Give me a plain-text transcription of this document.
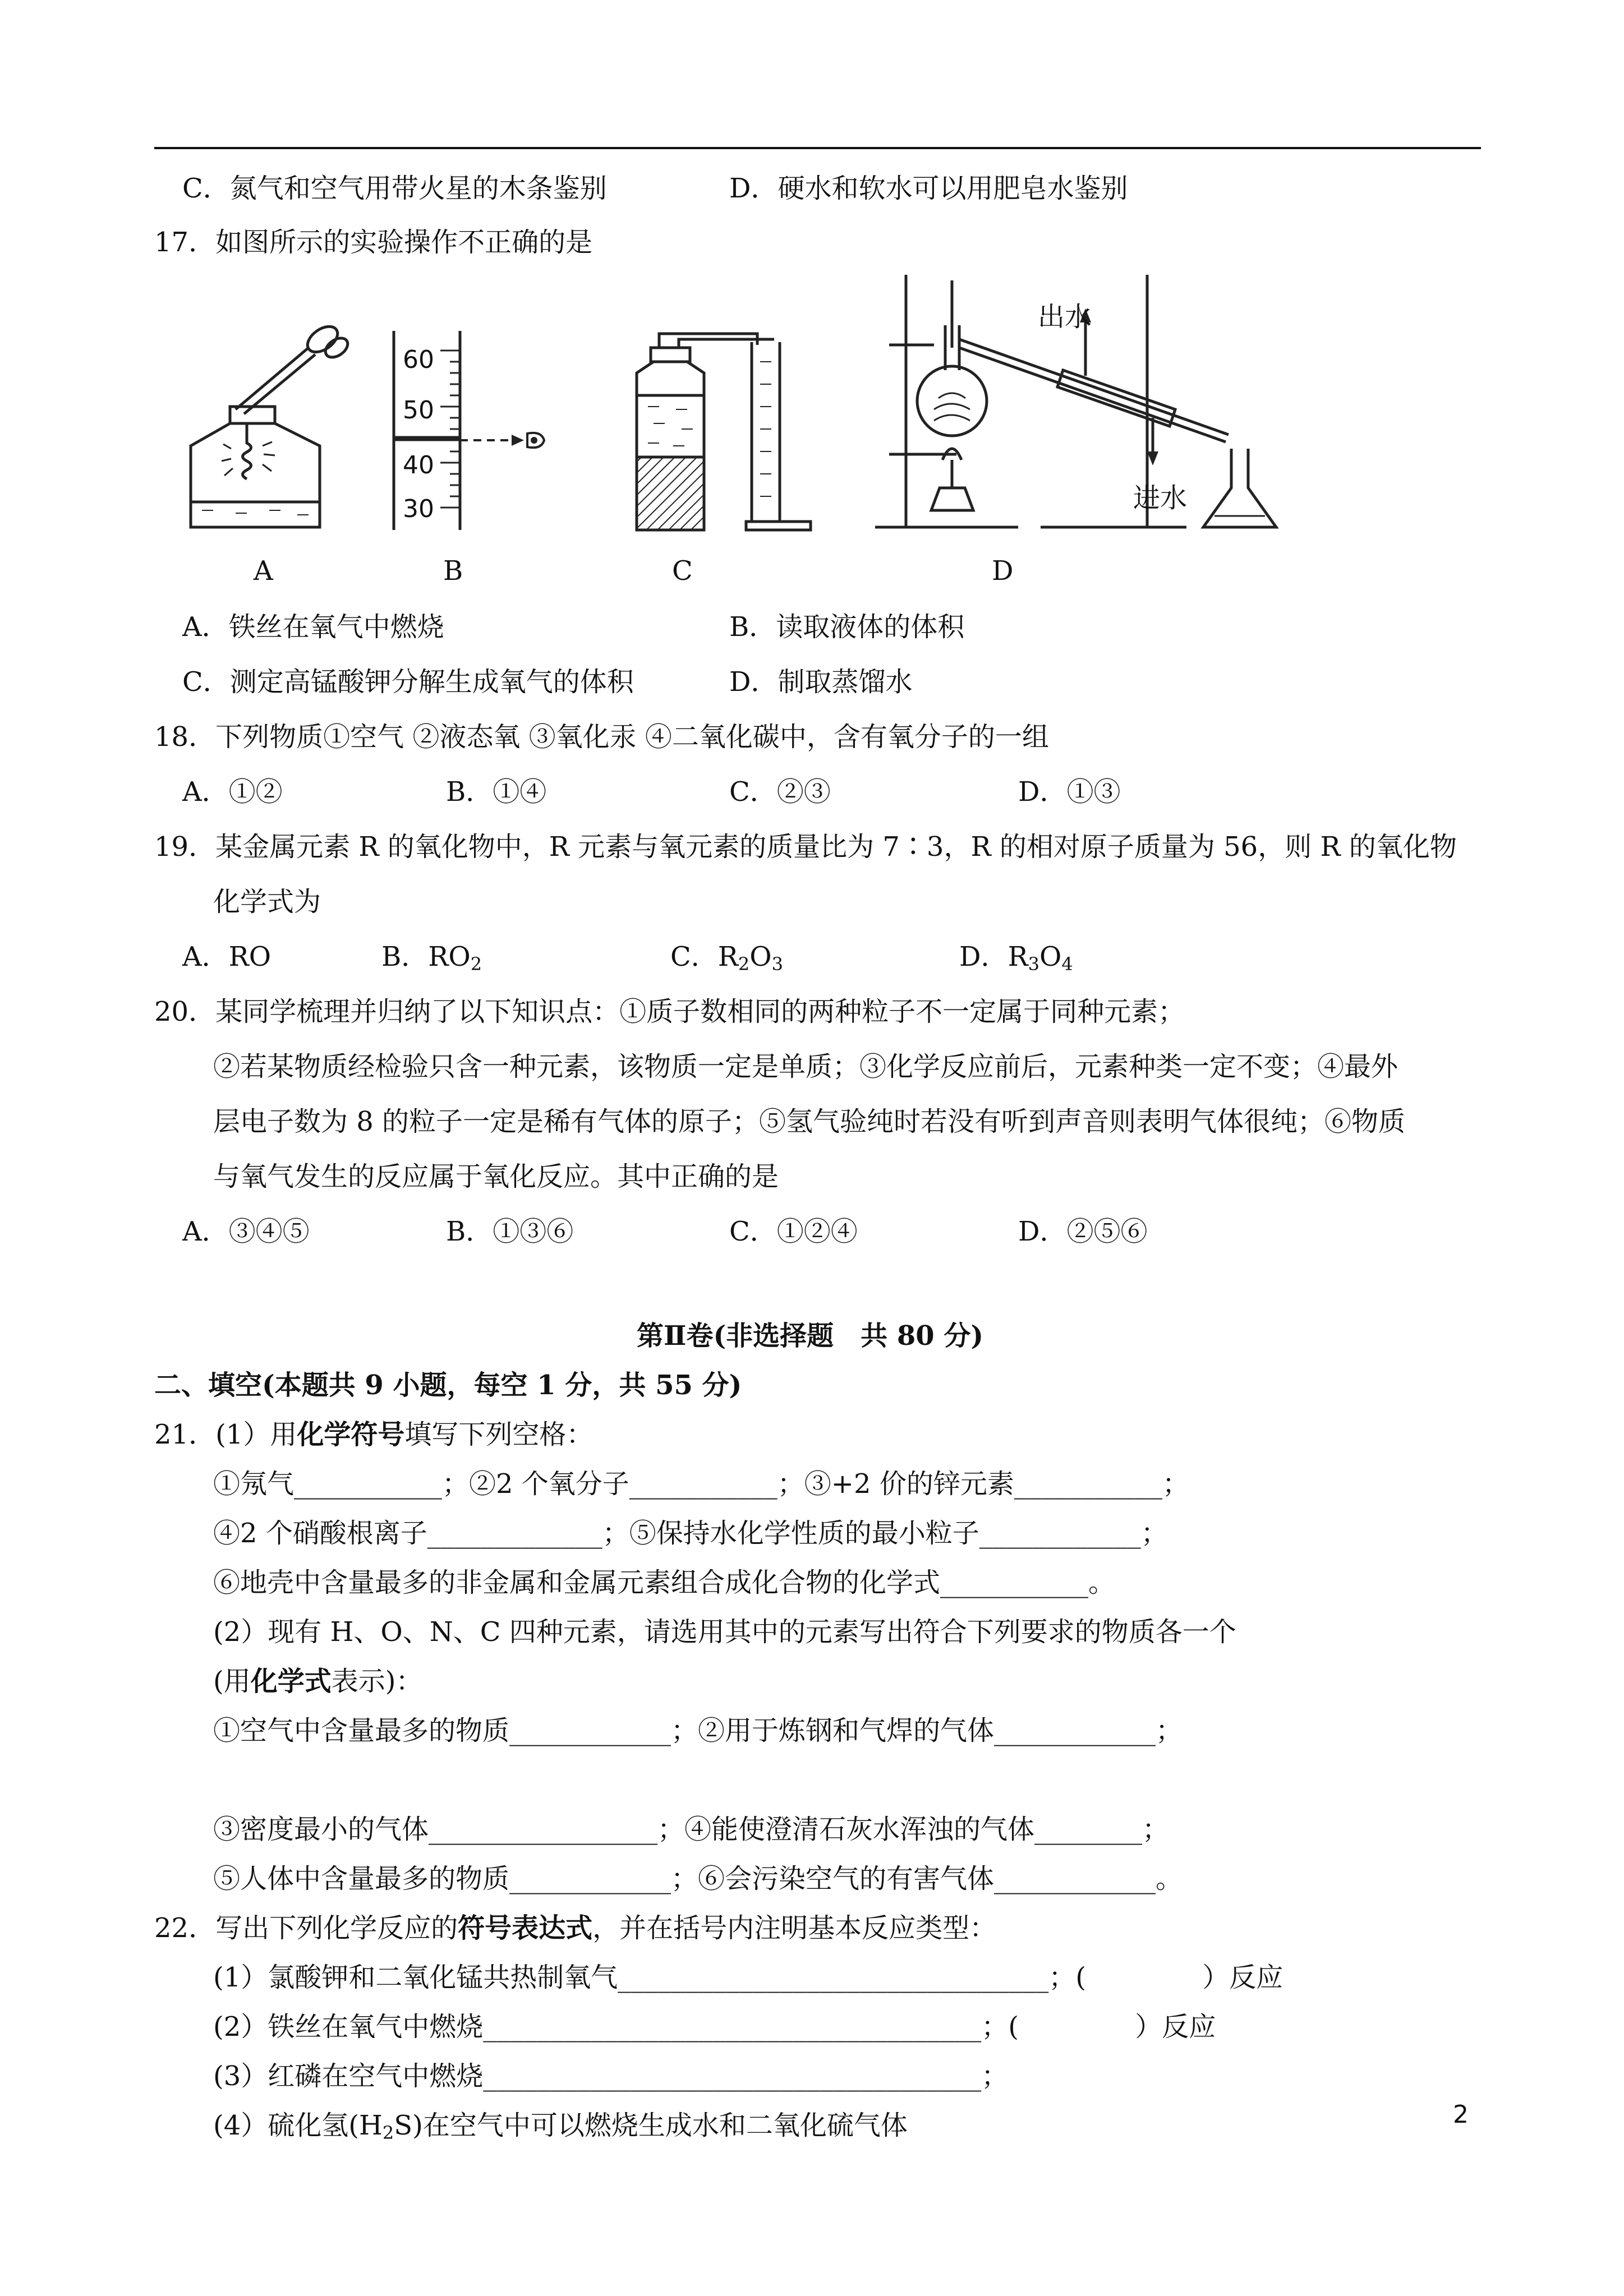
C．氮气和空气用带火星的木条鉴别	D．硬水和软水可以用肥皂水鉴别
17．如图所示的实验操作不正确的是
A
60
50
40
30
B	C
出水
进水
D
A．铁丝在氧气中燃烧	B．读取液体的体积
C．测定高锰酸钾分解生成氧气的体积	D．制取蒸馏水
18．下列物质①空气 ②液态氧 ③氧化汞 ④二氧化碳中，含有氧分子的一组
A．①②	B．①④	C．②③	D．①③
19．某金属元素 R 的氧化物中，R 元素与氧元素的质量比为 7∶3，R 的相对原子质量为 56，则 R 的氧化物
化学式为
A．RO	B．$RO_2$	C．$R_2O_3$	D．$R_3O_4$
20．某同学梳理并归纳了以下知识点：①质子数相同的两种粒子不一定属于同种元素；
②若某物质经检验只含一种元素，该物质一定是单质；③化学反应前后，元素种类一定不变；④最外
层电子数为 8 的粒子一定是稀有气体的原子；⑤氢气验纯时若没有听到声音则表明气体很纯；⑥物质
与氧气发生的反应属于氧化反应。其中正确的是
A．③④⑤	B．①③⑥	C．①②④	D．②⑤⑥
第Ⅱ卷(非选择题　共 80 分)
二、填空(本题共 9 小题，每空 1 分，共 55 分)
21．(1）用化学符号填写下列空格：
①氖气___________；②2 个氧分子___________；③+2 价的锌元素___________；
④2 个硝酸根离子_____________；⑤保持水化学性质的最小粒子____________；
⑥地壳中含量最多的非金属和金属元素组合成化合物的化学式___________。
(2）现有 H、O、N、C 四种元素，请选用其中的元素写出符合下列要求的物质各一个
(用化学式表示)：
①空气中含量最多的物质____________；②用于炼钢和气焊的气体____________；
③密度最小的气体_________________；④能使澄清石灰水浑浊的气体________；
⑤人体中含量最多的物质____________；⑥会污染空气的有害气体____________。
22．写出下列化学反应的符号表达式，并在括号内注明基本反应类型：
(1）氯酸钾和二氧化锰共热制氧气________________________________；(　　　　 ）反应
(2）铁丝在氧气中燃烧_____________________________________；(　　　　 ）反应
(3）红磷在空气中燃烧_____________________________________；
(4）硫化氢$(H_2S)$在空气中可以燃烧生成水和二氧化硫气体	2
